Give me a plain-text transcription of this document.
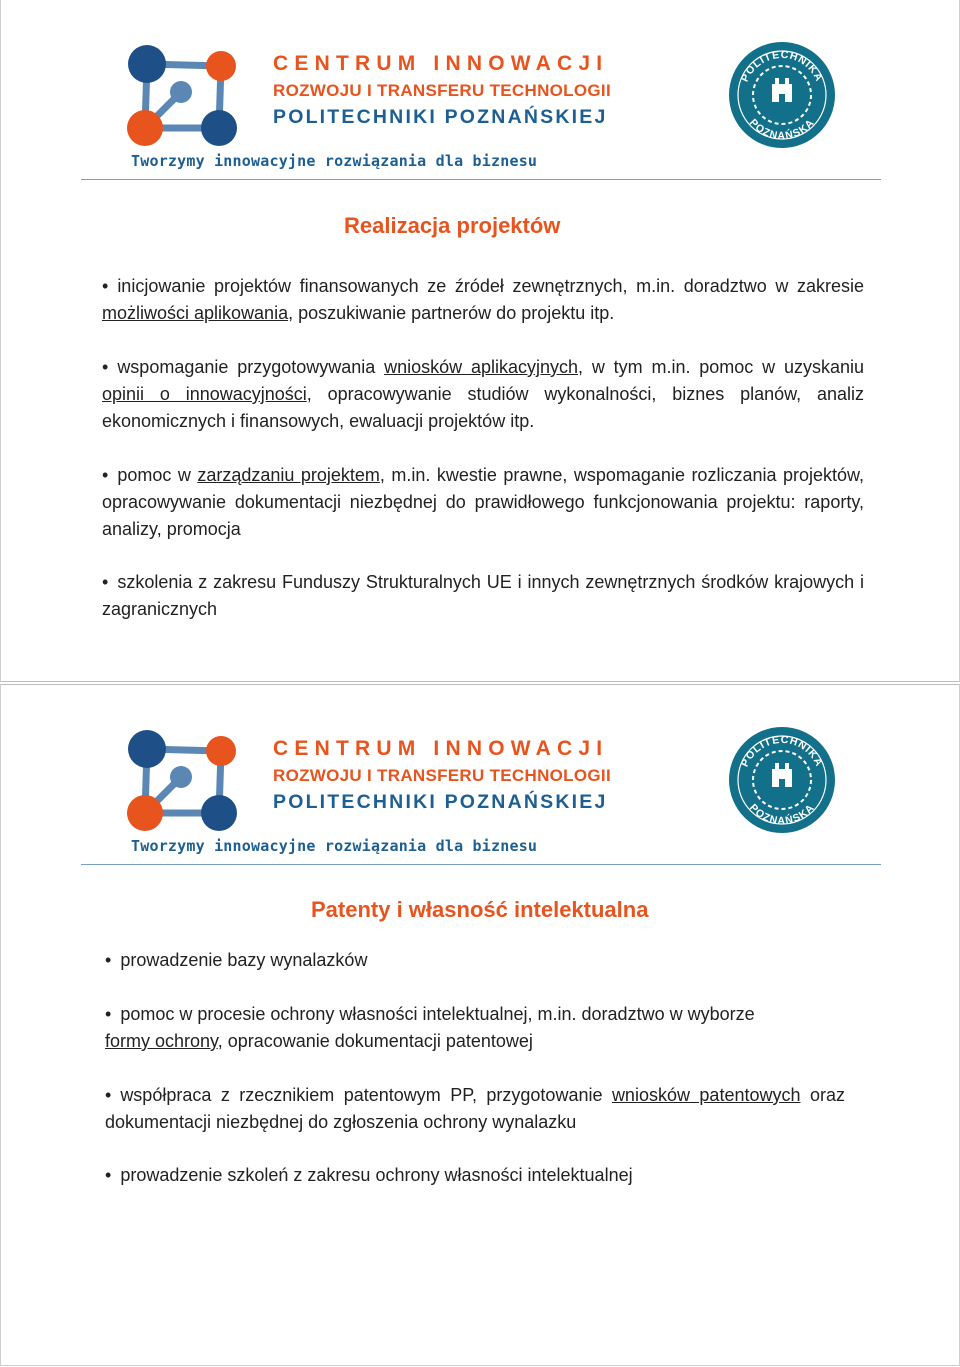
CENTRUM INNOWACJI
ROZWOJU I TRANSFERU TECHNOLOGII
POLITECHNIKI POZNAŃSKIEJ
POLITECHNIKA
POZNAŃSKA
Tworzymy innowacyjne rozwiązania dla biznesu
Realizacja projektów
• inicjowanie projektów finansowanych ze źródeł zewnętrznych, m.in. doradztwo w zakresie możliwości aplikowania, poszukiwanie partnerów do projektu itp.
• wspomaganie przygotowywania wniosków aplikacyjnych, w tym m.in. pomoc w uzyskaniu opinii o innowacyjności, opracowywanie studiów wykonalności, biznes planów, analiz ekonomicznych i finansowych, ewaluacji projektów itp.
• pomoc w zarządzaniu projektem, m.in. kwestie prawne, wspomaganie rozliczania projektów, opracowywanie dokumentacji niezbędnej do prawidłowego funkcjonowania projektu: raporty, analizy, promocja
• szkolenia z zakresu Funduszy Strukturalnych UE i innych zewnętrznych środków krajowych i zagranicznych
CENTRUM INNOWACJI
ROZWOJU I TRANSFERU TECHNOLOGII
POLITECHNIKI POZNAŃSKIEJ
POLITECHNIKA
POZNAŃSKA
Tworzymy innowacyjne rozwiązania dla biznesu
Patenty i własność intelektualna
• prowadzenie bazy wynalazków
• pomoc w procesie ochrony własności intelektualnej, m.in. doradztwo w wyborze formy ochrony, opracowanie dokumentacji patentowej
• współpraca z rzecznikiem patentowym PP, przygotowanie wniosków patentowych oraz dokumentacji niezbędnej do zgłoszenia ochrony wynalazku
• prowadzenie szkoleń z zakresu ochrony własności intelektualnej
